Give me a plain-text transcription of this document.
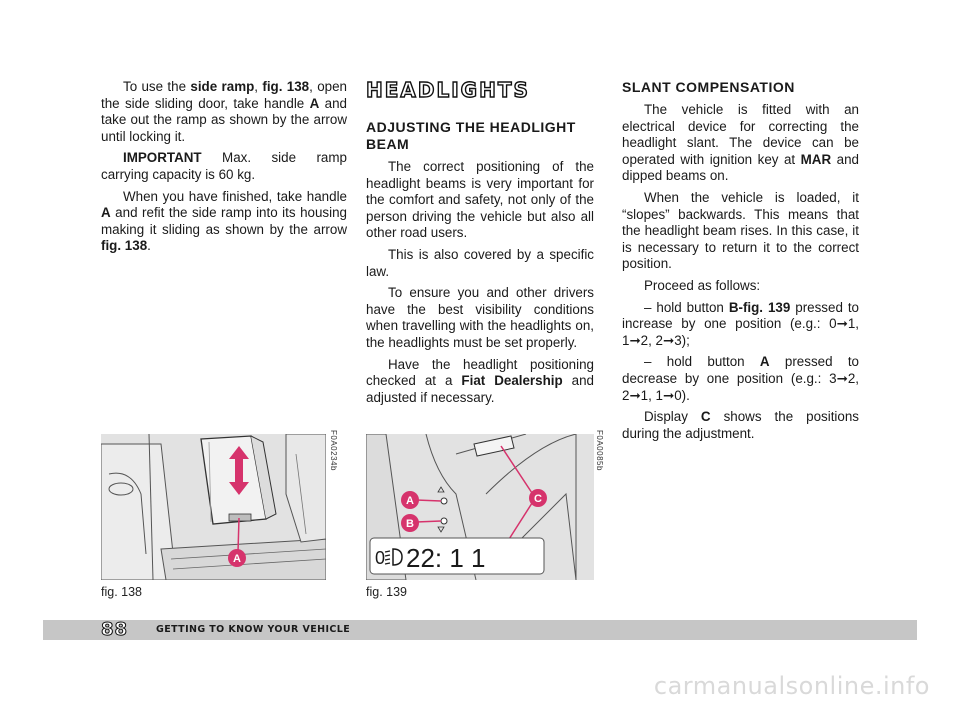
To use the side ramp, fig. 138, open the side sliding door, take handle A and take out the ramp as shown by the arrow until locking it.

IMPORTANT Max. side ramp carrying capacity is 60 kg.

When you have finished, take handle A and refit the side ramp into its housing making it sliding as shown by the arrow fig. 138.

HEADLIGHTS
ADJUSTING THE HEADLIGHT BEAM

The correct positioning of the headlight beams is very important for the comfort and safety, not only of the person driving the vehicle but also all other road users.

This is also covered by a specific law.

To ensure you and other drivers have the best visibility conditions when travelling with the headlights on, the headlights must be set properly.

Have the headlight positioning checked at a Fiat Dealership and adjusted if necessary.

SLANT COMPENSATION

The vehicle is fitted with an electrical device for correcting the headlight slant. The device can be operated with ignition key at MAR and dipped beams on.

When the vehicle is loaded, it “slopes” backwards. This means that the headlight beam rises. In this case, it is necessary to return it to the correct position.

Proceed as follows:

– hold button B-fig. 139 pressed to increase by one position (e.g.: 0➞1, 1➞2, 2➞3);

– hold button A pressed to decrease by one position (e.g.: 3➞2, 2➞1, 1➞0).

Display C shows the positions during the adjustment.

A
F0A0234b
fig. 138
A
B
C
0 22: 1 1
F0A0085b
fig. 139
88	GETTING TO KNOW YOUR VEHICLE
carmanualsonline.info
